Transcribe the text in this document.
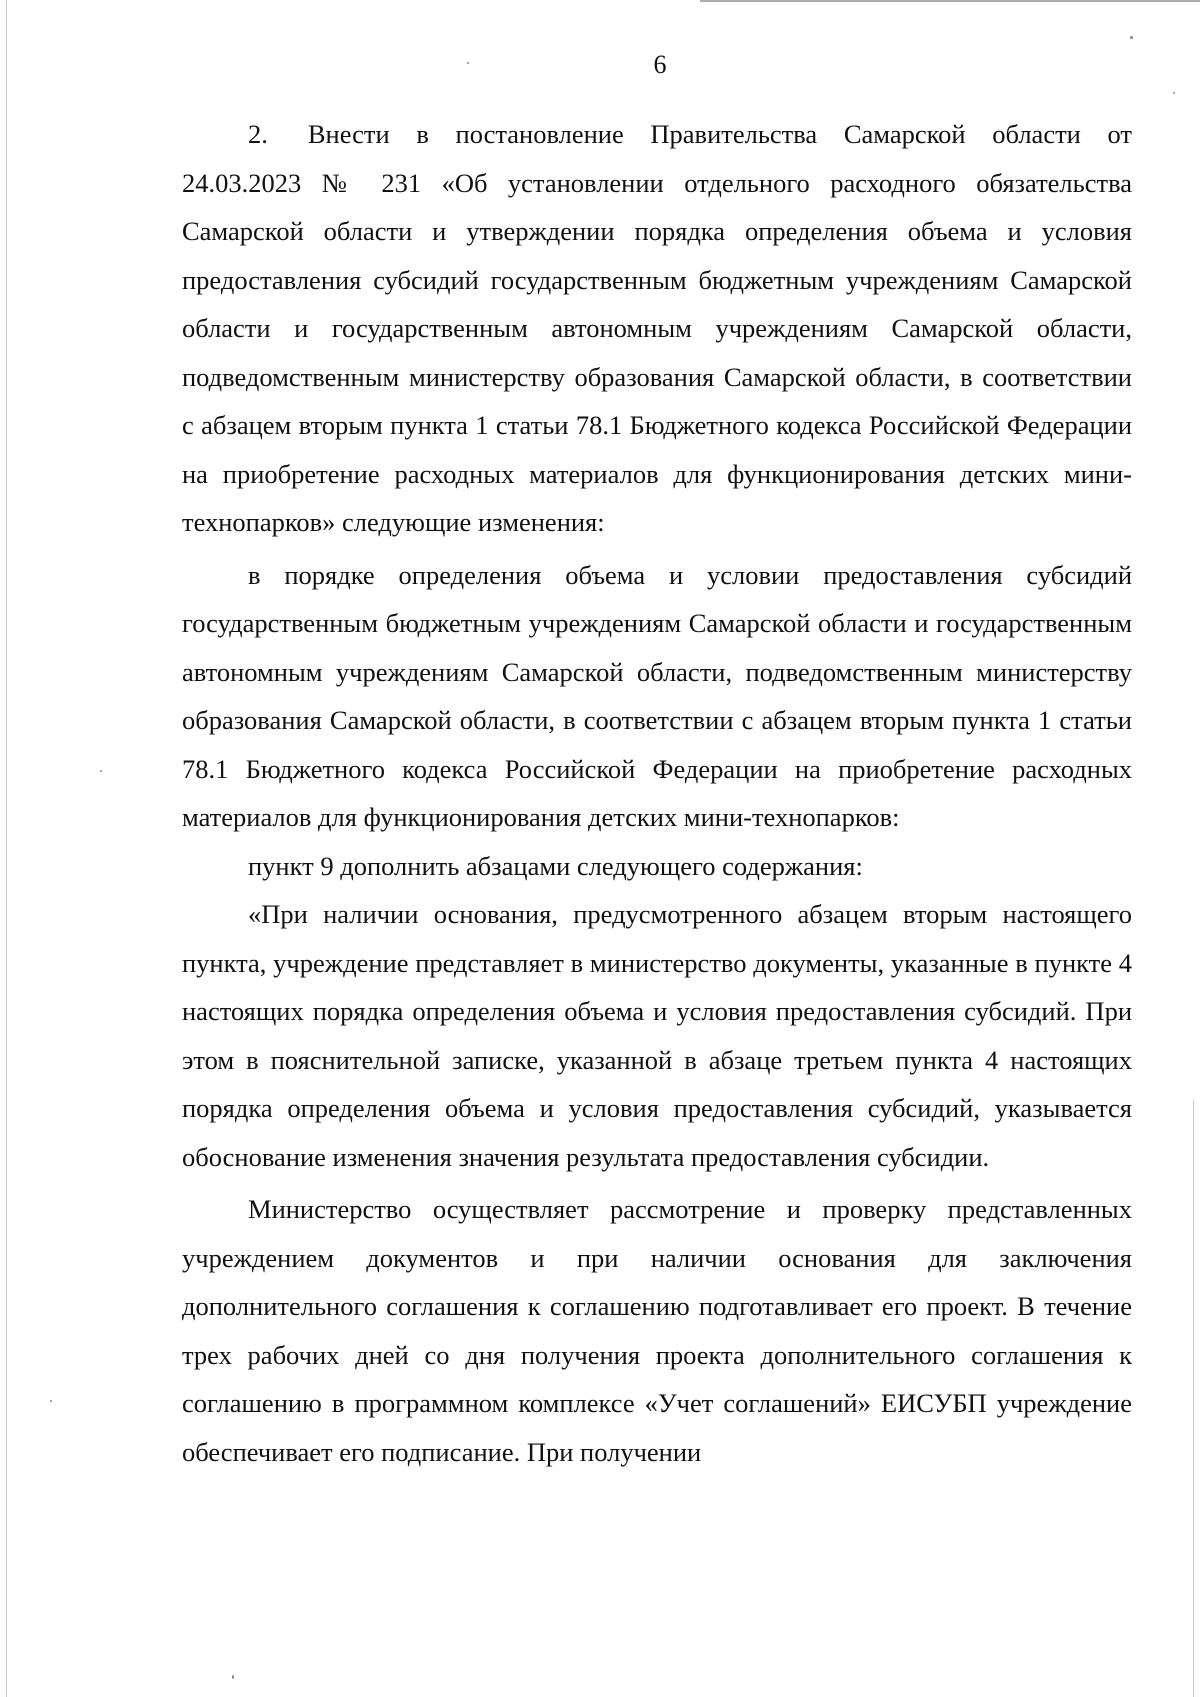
6

2. Внести в постановление Правительства Самарской области от 24.03.2023 № 231 «Об установлении отдельного расходного обязательства Самарской области и утверждении порядка определения объема и условия предоставления субсидий государственным бюджетным учреждениям Самарской области и государственным автономным учреждениям Самарской области, подведомственным министерству образования Самарской области, в соответствии с абзацем вторым пункта 1 статьи 78.1 Бюджетного кодекса Российской Федерации на приобретение расходных материалов для функционирования детских мини-технопарков» следующие изменения:

в порядке определения объема и условии предоставления субсидий государственным бюджетным учреждениям Самарской области и государственным автономным учреждениям Самарской области, подведомственным министерству образования Самарской области, в соответствии с абзацем вторым пункта 1 статьи 78.1 Бюджетного кодекса Российской Федерации на приобретение расходных материалов для функционирования детских мини-технопарков:

пункт 9 дополнить абзацами следующего содержания:

«При наличии основания, предусмотренного абзацем вторым настоящего пункта, учреждение представляет в министерство документы, указанные в пункте 4 настоящих порядка определения объема и условия предоставления субсидий. При этом в пояснительной записке, указанной в абзаце третьем пункта 4 настоящих порядка определения объема и условия предоставления субсидий, указывается обоснование изменения значения результата предоставления субсидии.

Министерство осуществляет рассмотрение и проверку представленных учреждением документов и при наличии основания для заключения дополнительного соглашения к соглашению подготавливает его проект. В течение трех рабочих дней со дня получения проекта дополнительного соглашения к соглашению в программном комплексе «Учет соглашений» ЕИСУБП учреждение обеспечивает его подписание. При получении
